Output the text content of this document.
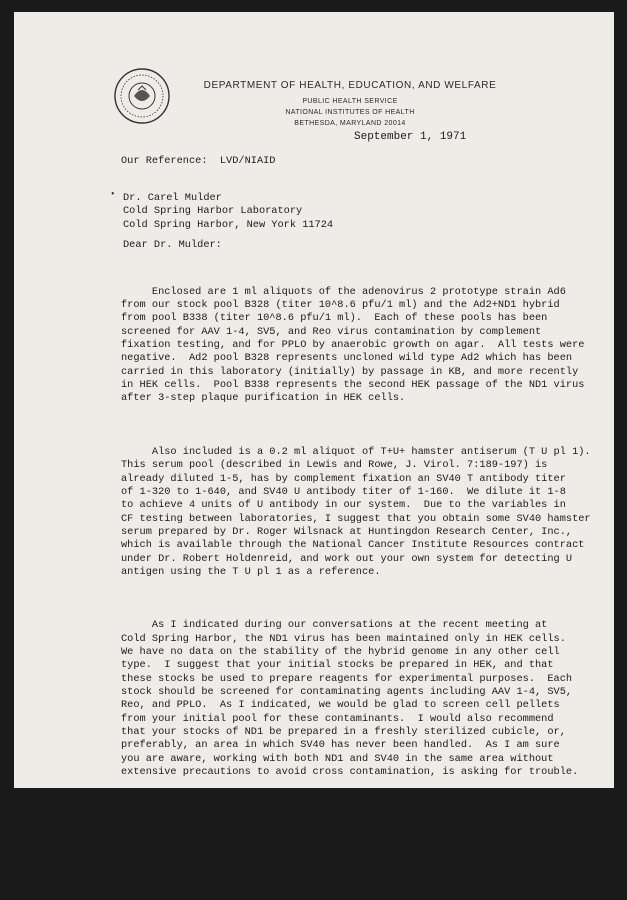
DEPARTMENT OF HEALTH, EDUCATION, AND WELFARE
PUBLIC HEALTH SERVICE
NATIONAL INSTITUTES OF HEALTH
BETHESDA, MARYLAND 20014
September 1, 1971
Our Reference:  LVD/NIAID
• Dr. Carel Mulder
Cold Spring Harbor Laboratory
Cold Spring Harbor, New York 11724
Dear Dr. Mulder:

Enclosed are 1 ml aliquots of the adenovirus 2 prototype strain Ad6
from our stock pool B328 (titer 10^8.6 pfu/1 ml) and the Ad2+ND1 hybrid
from pool B338 (titer 10^8.6 pfu/1 ml).  Each of these pools has been
screened for AAV 1-4, SV5, and Reo virus contamination by complement
fixation testing, and for PPLO by anaerobic growth on agar.  All tests were
negative.  Ad2 pool B328 represents uncloned wild type Ad2 which has been
carried in this laboratory (initially) by passage in KB, and more recently
in HEK cells.  Pool B338 represents the second HEK passage of the ND1 virus
after 3-step plaque purification in HEK cells.

Also included is a 0.2 ml aliquot of T+U+ hamster antiserum (T U pl 1).
This serum pool (described in Lewis and Rowe, J. Virol. 7:189-197) is
already diluted 1-5, has by complement fixation an SV40 T antibody titer
of 1-320 to 1-640, and SV40 U antibody titer of 1-160.  We dilute it 1-8
to achieve 4 units of U antibody in our system.  Due to the variables in
CF testing between laboratories, I suggest that you obtain some SV40 hamster
serum prepared by Dr. Roger Wilsnack at Huntingdon Research Center, Inc.,
which is available through the National Cancer Institute Resources contract
under Dr. Robert Holdenreid, and work out your own system for detecting U
antigen using the T U pl 1 as a reference.

As I indicated during our conversations at the recent meeting at
Cold Spring Harbor, the ND1 virus has been maintained only in HEK cells.
We have no data on the stability of the hybrid genome in any other cell
type.  I suggest that your initial stocks be prepared in HEK, and that
these stocks be used to prepare reagents for experimental purposes.  Each
stock should be screened for contaminating agents including AAV 1-4, SV5,
Reo, and PPLO.  As I indicated, we would be glad to screen cell pellets
from your initial pool for these contaminants.  I would also recommend
that your stocks of ND1 be prepared in a freshly sterilized cubicle, or,
preferably, an area in which SV40 has never been handled.  As I am sure
you are aware, working with both ND1 and SV40 in the same area without
extensive precautions to avoid cross contamination, is asking for trouble.

I also indicated during our recent discussions that those of us who
are working with these nondefective hybrids are concerned about their
ability to infect humans and spread through the general population.  Due
